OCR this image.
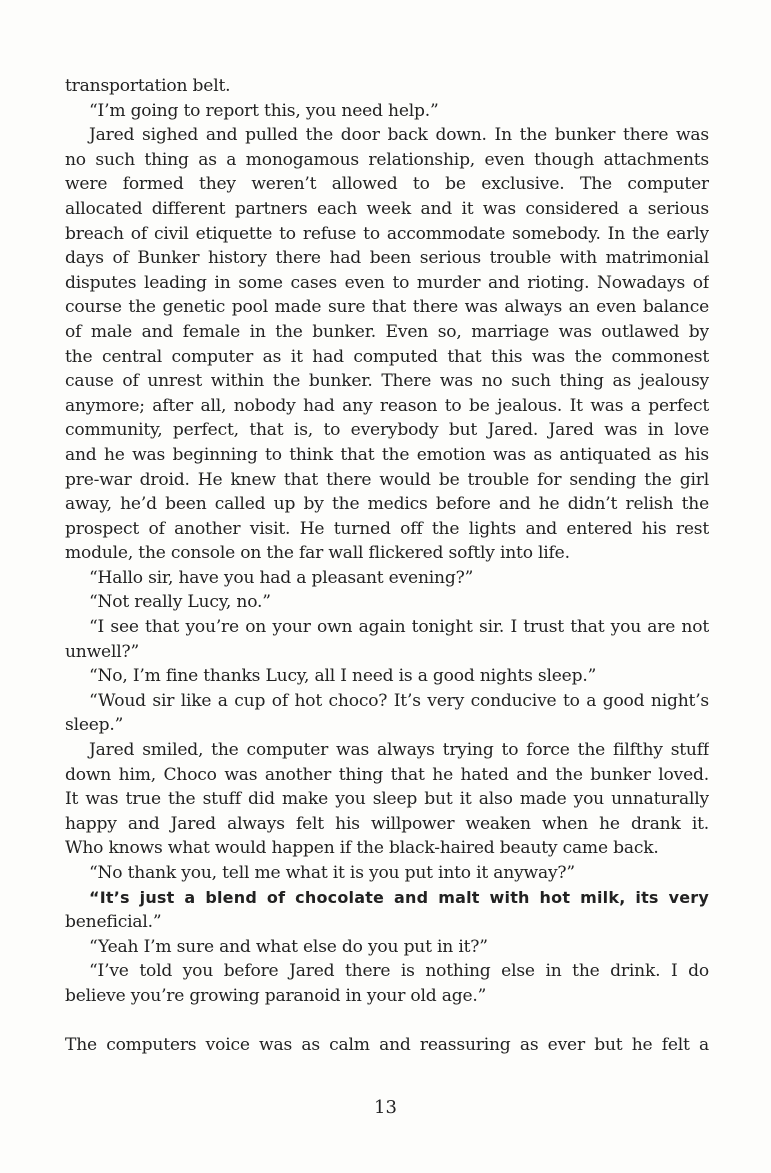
transportation belt.
“I’m going to report this, you need help.”
Jared sighed and pulled the door back down. In the bunker there was
no such thing as a monogamous relationship, even though attachments
were formed they weren’t allowed to be exclusive. The computer
allocated different partners each week and it was considered a serious
breach of civil etiquette to refuse to accommodate somebody. In the early
days of Bunker history there had been serious trouble with matrimonial
disputes leading in some cases even to murder and rioting. Nowadays of
course the genetic pool made sure that there was always an even balance
of male and female in the bunker. Even so, marriage was outlawed by
the central computer as it had computed that this was the commonest
cause of unrest within the bunker. There was no such thing as jealousy
anymore; after all, nobody had any reason to be jealous. It was a perfect
community, perfect, that is, to everybody but Jared. Jared was in love
and he was beginning to think that the emotion was as antiquated as his
pre-war droid. He knew that there would be trouble for sending the girl
away, he’d been called up by the medics before and he didn’t relish the
prospect of another visit. He turned off the lights and entered his rest
module, the console on the far wall flickered softly into life.
“Hallo sir, have you had a pleasant evening?”
“Not really Lucy, no.”
“I see that you’re on your own again tonight sir. I trust that you are not
unwell?”
“No, I’m fine thanks Lucy, all I need is a good nights sleep.”
“Woud sir like a cup of hot choco? It’s very conducive to a good night’s
sleep.”
Jared smiled, the computer was always trying to force the filfthy stuff
down him, Choco was another thing that he hated and the bunker loved.
It was true the stuff did make you sleep but it also made you unnaturally
happy and Jared always felt his willpower weaken when he drank it.
Who knows what would happen if the black-haired beauty came back.
“No thank you, tell me what it is you put into it anyway?”
“It’s just a blend of chocolate and malt with hot milk, its very
beneficial.”
“Yeah I’m sure and what else do you put in it?”
“I’ve told you before Jared there is nothing else in the drink. I do
believe you’re growing paranoid in your old age.”
The computers voice was as calm and reassuring as ever but he felt a
13
